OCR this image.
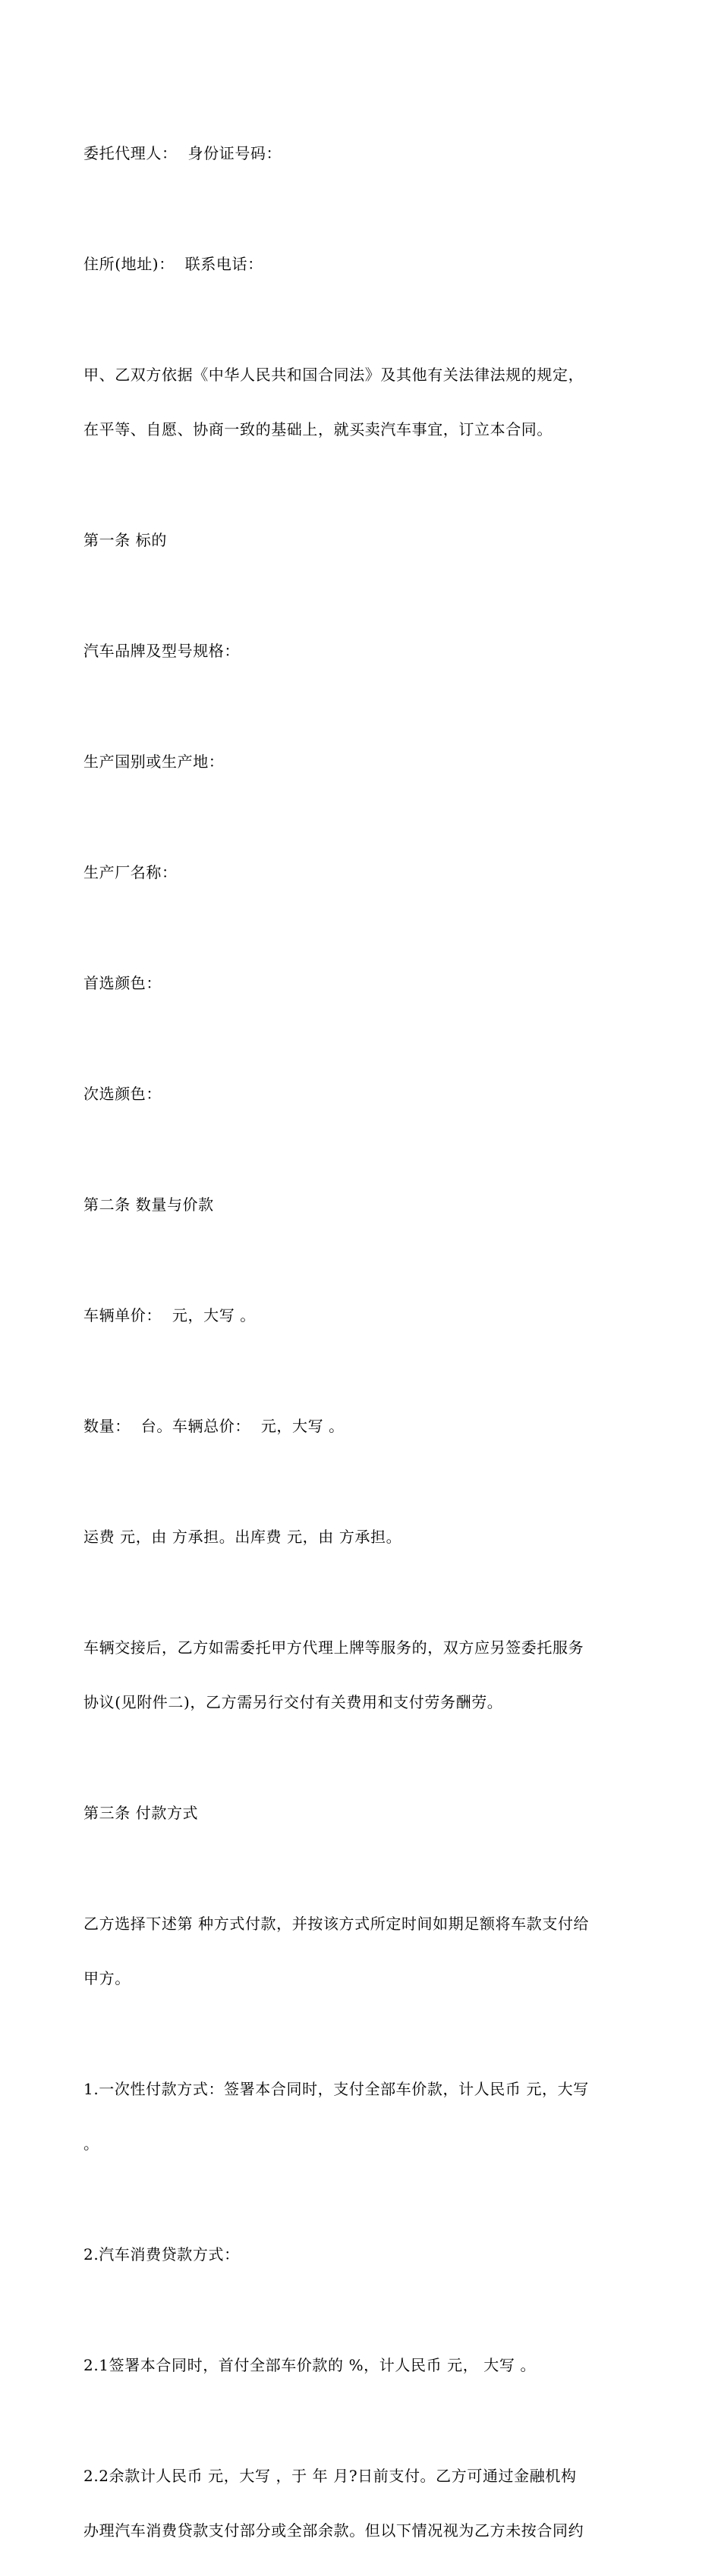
委托代理人：  身份证号码：

住所(地址)：  联系电话：

甲、乙双方依据《中华人民共和国合同法》及其他有关法律法规的规定，

在平等、自愿、协商一致的基础上，就买卖汽车事宜，订立本合同。

第一条 标的

汽车品牌及型号规格：

生产国别或生产地：

生产厂名称：

首选颜色：

次选颜色：

第二条 数量与价款

车辆单价：  元，大写 。

数量：  台。车辆总价：  元，大写 。

运费 元，由 方承担。出库费 元，由 方承担。

车辆交接后，乙方如需委托甲方代理上牌等服务的，双方应另签委托服务

协议(见附件二)，乙方需另行交付有关费用和支付劳务酬劳。

第三条 付款方式

乙方选择下述第 种方式付款，并按该方式所定时间如期足额将车款支付给

甲方。

1.一次性付款方式：签署本合同时，支付全部车价款，计人民币 元，大写

。

2.汽车消费贷款方式：

2.1签署本合同时，首付全部车价款的 %，计人民币 元， 大写 。

2.2余款计人民币 元，大写 ，于 年 月?日前支付。乙方可通过金融机构

办理汽车消费贷款支付部分或全部余款。但以下情况视为乙方未按合同约
